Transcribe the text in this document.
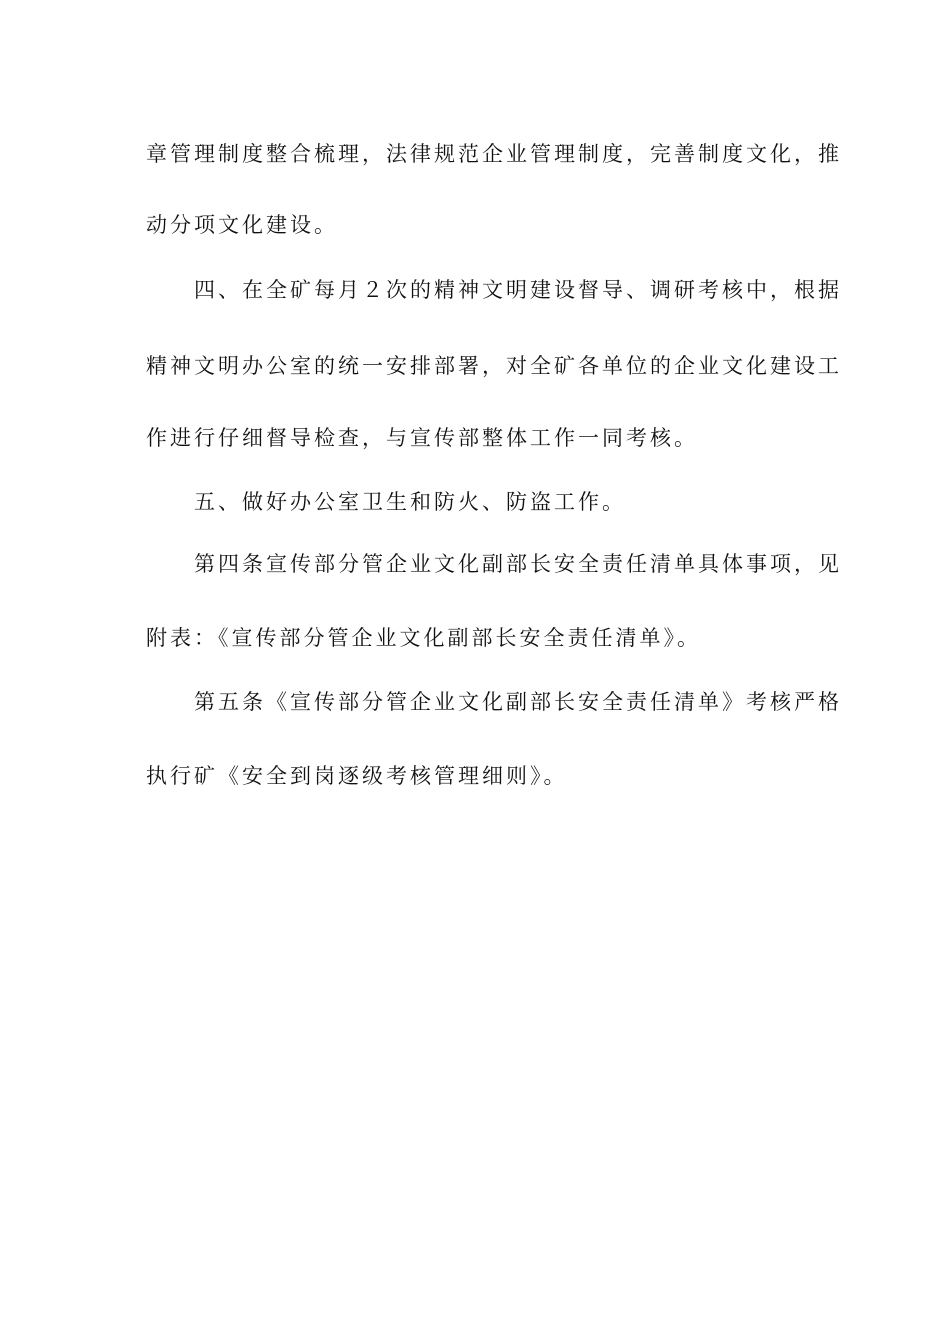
章管理制度整合梳理，法律规范企业管理制度，完善制度文化，推
动分项文化建设。
四、在全矿每月２次的精神文明建设督导、调研考核中，根据
精神文明办公室的统一安排部署，对全矿各单位的企业文化建设工
作进行仔细督导检查，与宣传部整体工作一同考核。
五、做好办公室卫生和防火、防盗工作。
第四条宣传部分管企业文化副部长安全责任清单具体事项，见
附表：《宣传部分管企业文化副部长安全责任清单》。
第五条《宣传部分管企业文化副部长安全责任清单》考核严格
执行矿《安全到岗逐级考核管理细则》。
